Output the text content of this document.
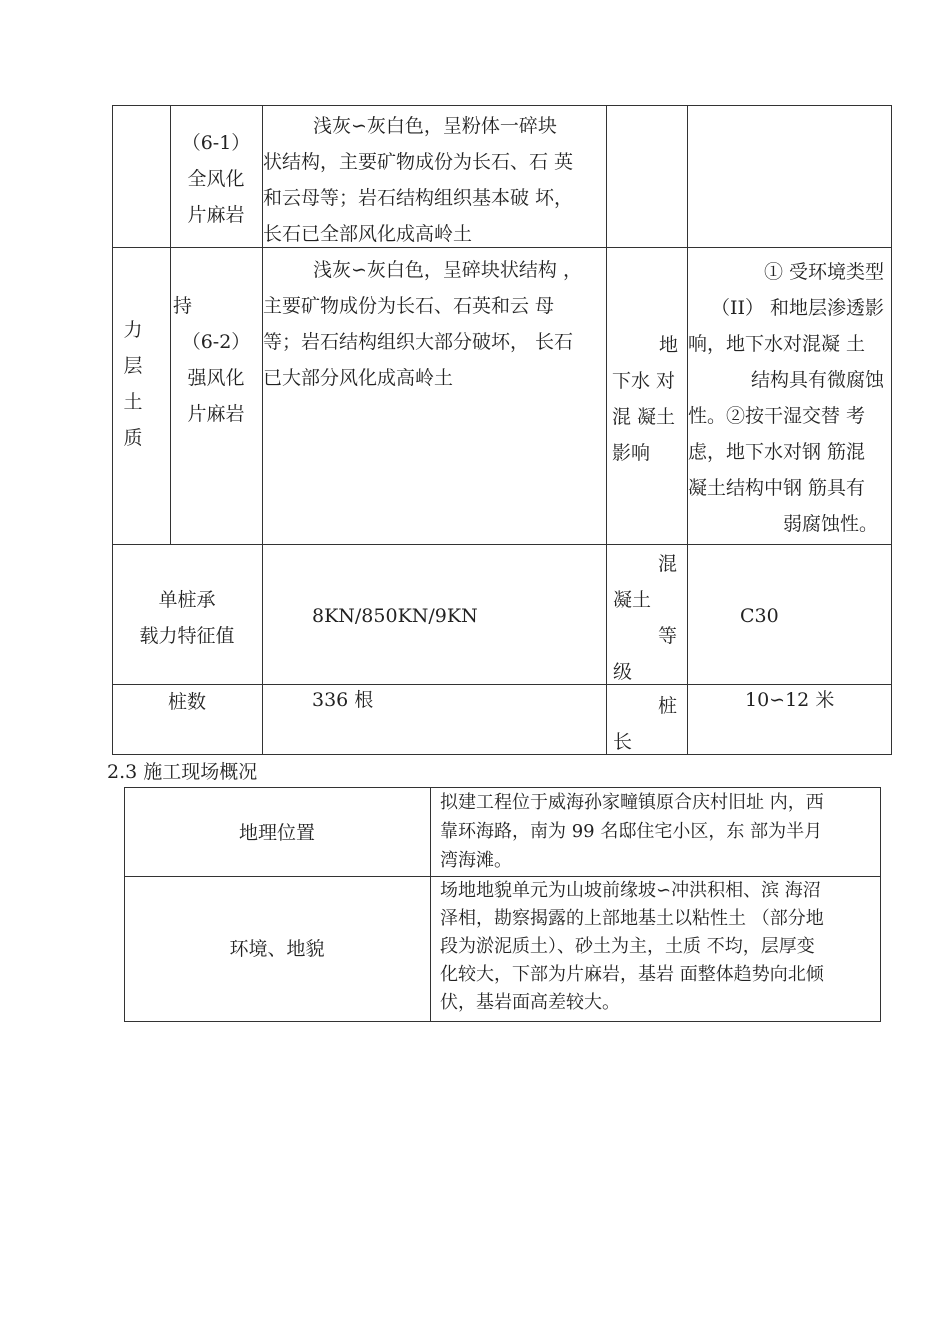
（6-1）
全风化
片麻岩
浅灰∽灰白色，呈粉体一碎块
状结构，主要矿物成份为长石、石 英
和云母等；岩石结构组织基本破 坏，
长石已全部风化成高岭土
力
层
土
质
持
（6-2）
强风化
片麻岩
浅灰∽灰白色，呈碎块状结构 ，
主要矿物成份为长石、石英和云 母
等；岩石结构组织大部分破坏， 长石
已大部分风化成高岭土
地
下水 对
混 凝土
影响
① 受环境类型
（II） 和地层渗透影
响，地下水对混凝 土
结构具有微腐蚀
性。②按干湿交替 考
虑，地下水对钢 筋混
凝土结构中钢 筋具有
弱腐蚀性。
单桩承
载力特征值
8KN/850KN/9KN
混
凝土
等
级
C30
桩数	336 根	桩
长
10∽12 米
2.3 施工现场概况
地理位置
拟建工程位于威海孙家疃镇原合庆村旧址 内，西
靠环海路，南为 99 名邸住宅小区，东 部为半月
湾海滩。
环境、地貌
场地地貌单元为山坡前缘坡∽冲洪积相、滨 海沼
泽相，勘察揭露的上部地基土以粘性土 （部分地
段为淤泥质土）、砂土为主，土质 不均，层厚变
化较大，下部为片麻岩，基岩 面整体趋势向北倾
伏，基岩面高差较大。
